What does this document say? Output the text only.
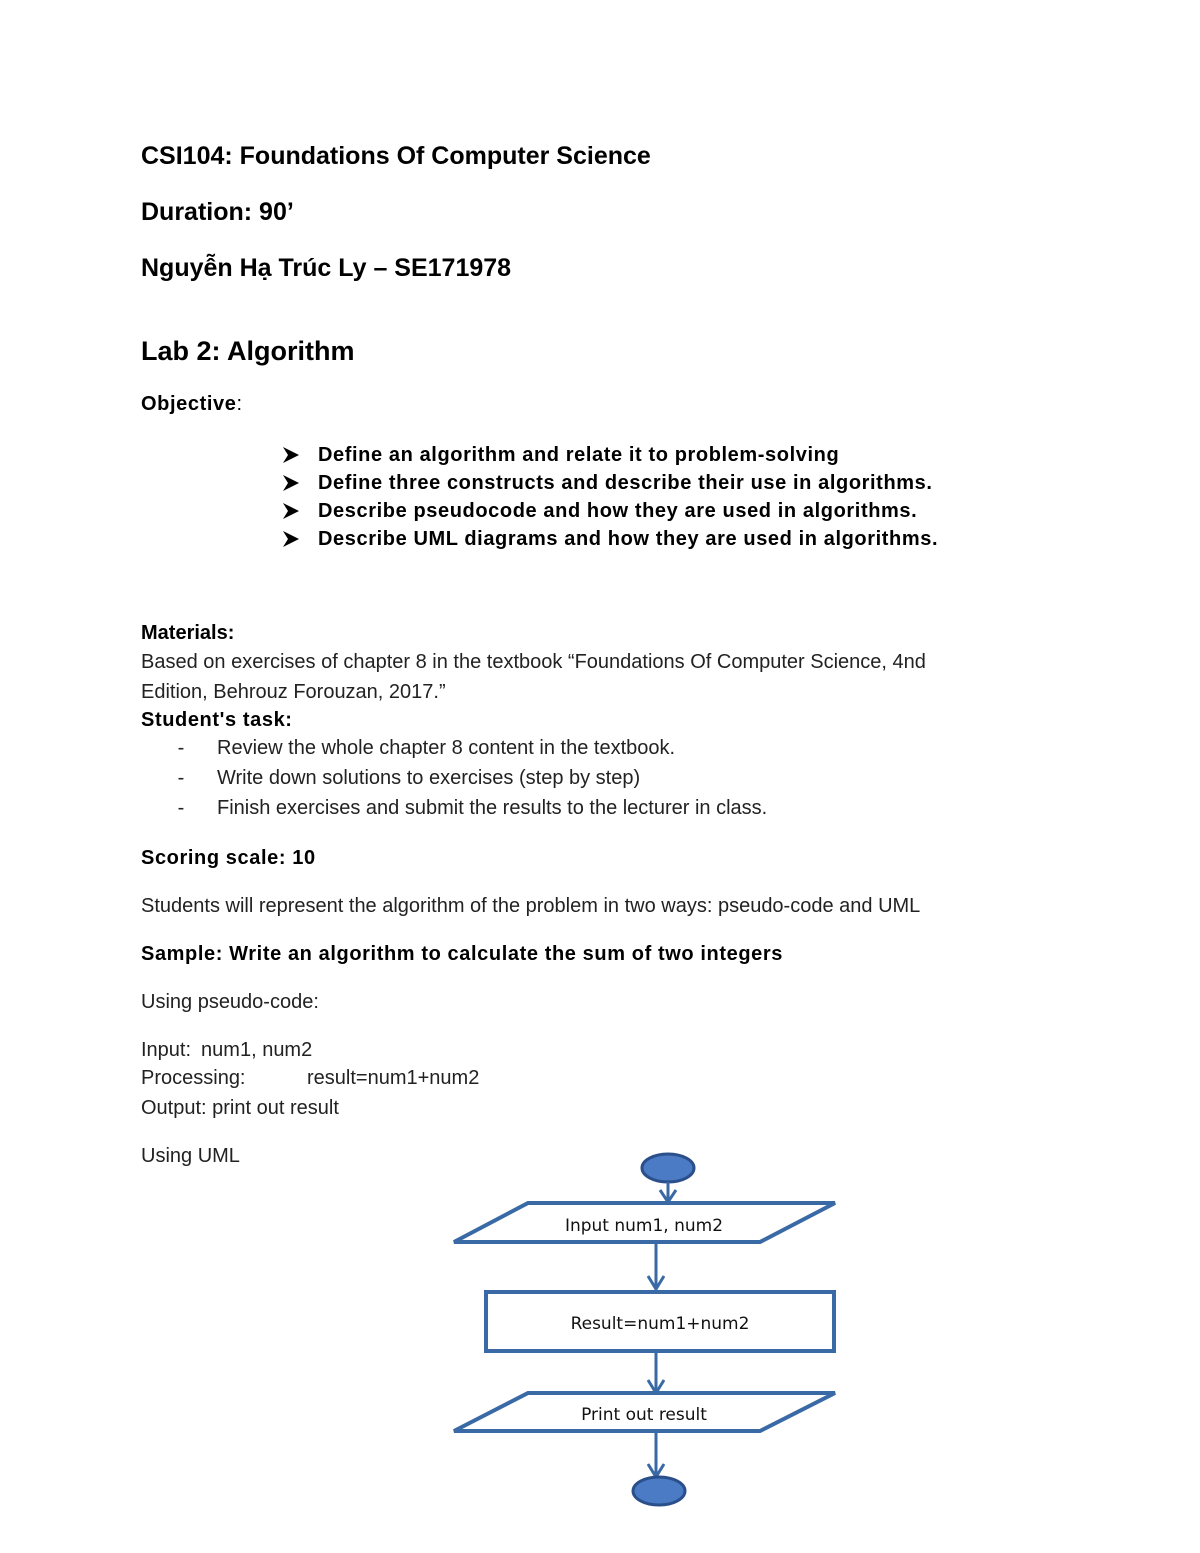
CSI104: Foundations Of Computer Science
Duration: 90’
Nguyễn Hạ Trúc Ly – SE171978
Lab 2: Algorithm
Objective:
Define an algorithm and relate it to problem-solving
Define three constructs and describe their use in algorithms.
Describe pseudocode and how they are used in algorithms.
Describe UML diagrams and how they are used in algorithms.
Materials:
Based on exercises of chapter 8 in the textbook “Foundations Of Computer Science, 4nd
Edition, Behrouz Forouzan, 2017.”
Student's task:
-	Review the whole chapter 8 content in the textbook.
-	Write down solutions to exercises (step by step)
-	Finish exercises and submit the results to the lecturer in class.
Scoring scale: 10
Students will represent the algorithm of the problem in two ways: pseudo-code and UML
Sample: Write an algorithm to calculate the sum of two integers
Using pseudo-code:
Input: num1, num2
Processing:	result=num1+num2
Output: print out result
Using UML
Input num1, num2
Result=num1+num2
Print out result
